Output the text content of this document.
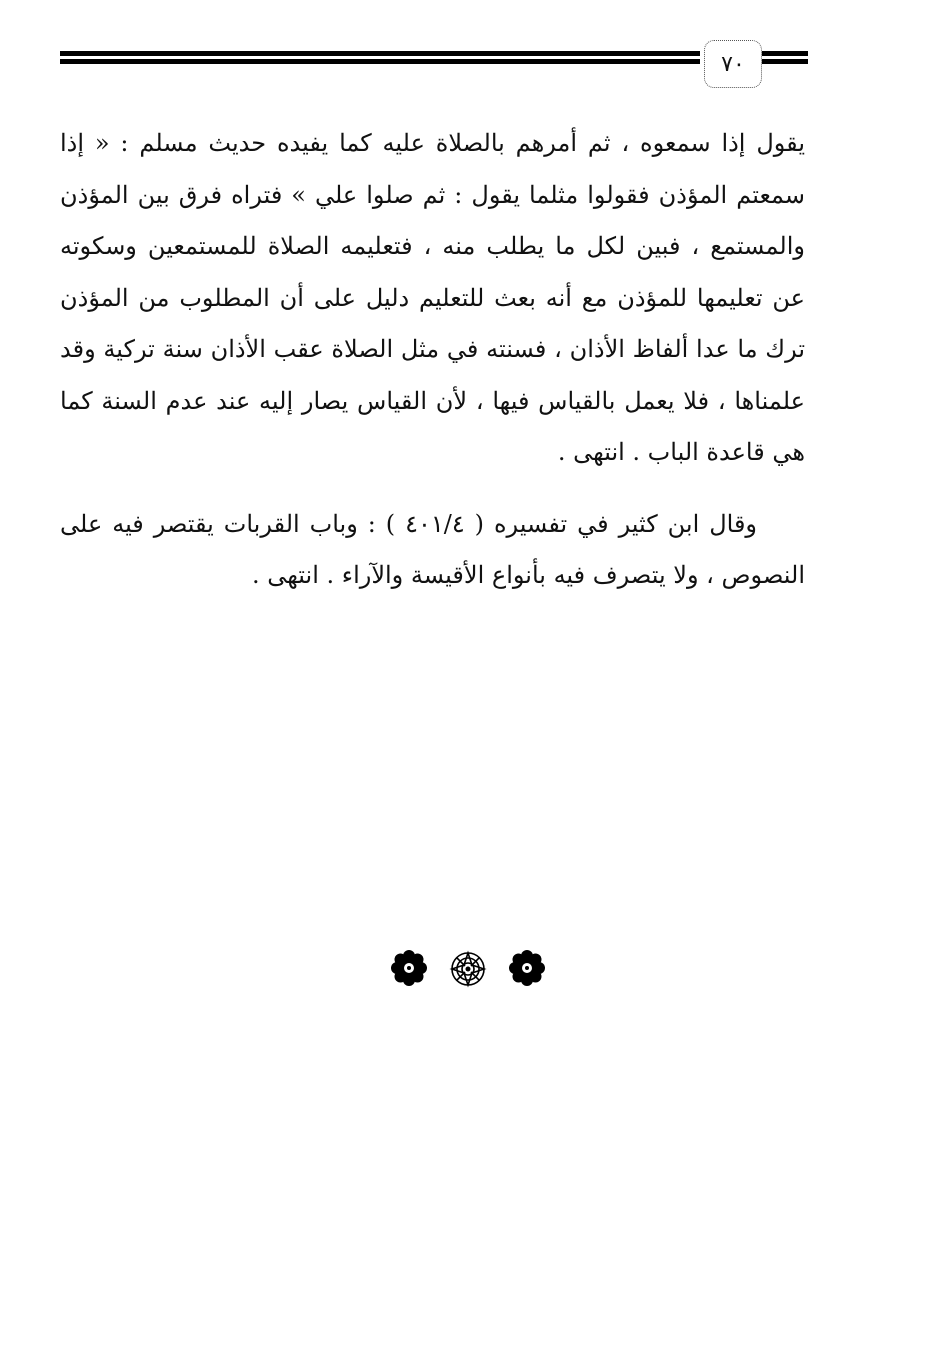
٧٠

يقول إذا سمعوه ، ثم أمرهم بالصلاة عليه كما يفيده حديث مسلم : « إذا سمعتم المؤذن فقولوا مثلما يقول : ثم صلوا علي » فتراه فرق بين المؤذن والمستمع ، فبين لكل ما يطلب منه ، فتعليمه الصلاة للمستمعين وسكوته عن تعليمها للمؤذن مع أنه بعث للتعليم دليل على أن المطلوب من المؤذن ترك ما عدا ألفاظ الأذان ، فسنته في مثل الصلاة عقب الأذان سنة تركية وقد علمناها ، فلا يعمل بالقياس فيها ، لأن القياس يصار إليه عند عدم السنة كما هي قاعدة الباب . انتهى .

وقال ابن كثير في تفسيره ( ٤٠١/٤ ) : وباب القربات يقتصر فيه على النصوص ، ولا يتصرف فيه بأنواع الأقيسة والآراء . انتهى .
